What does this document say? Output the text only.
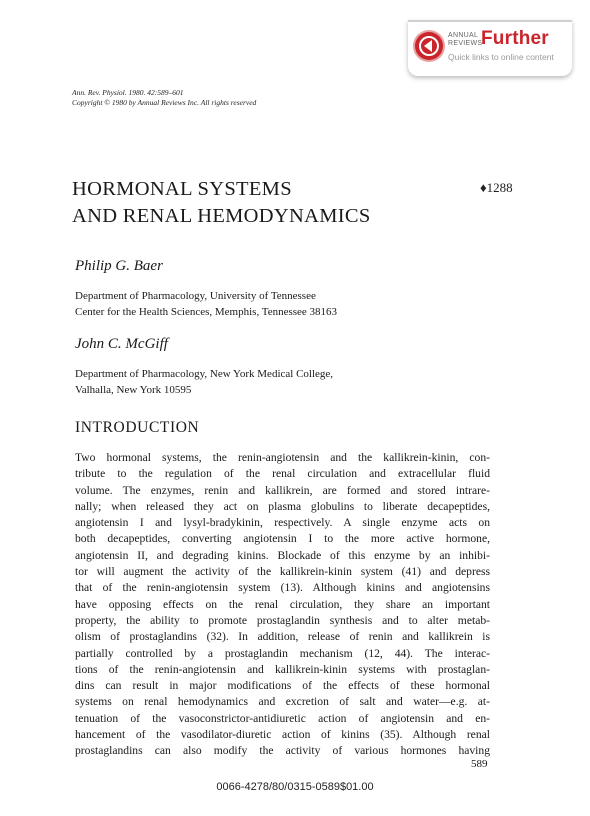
ANNUAL
REVIEWS
Further
Quick links to online content
Ann. Rev. Physiol. 1980. 42:589–601
Copyright © 1980 by Annual Reviews Inc. All rights reserved
HORMONAL SYSTEMS
AND RENAL HEMODYNAMICS
♦1288
Philip G. Baer
Department of Pharmacology, University of Tennessee
Center for the Health Sciences, Memphis, Tennessee 38163
John C. McGiff
Department of Pharmacology, New York Medical College,
Valhalla, New York 10595
INTRODUCTION
Two hormonal systems, the renin-angiotensin and the kallikrein-kinin, con-
tribute to the regulation of the renal circulation and extracellular fluid
volume. The enzymes, renin and kallikrein, are formed and stored intrare-
nally; when released they act on plasma globulins to liberate decapeptides,
angiotensin I and lysyl-bradykinin, respectively. A single enzyme acts on
both decapeptides, converting angiotensin I to the more active hormone,
angiotensin II, and degrading kinins. Blockade of this enzyme by an inhibi-
tor will augment the activity of the kallikrein-kinin system (41) and depress
that of the renin-angiotensin system (13). Although kinins and angiotensins
have opposing effects on the renal circulation, they share an important
property, the ability to promote prostaglandin synthesis and to alter metab-
olism of prostaglandins (32). In addition, release of renin and kallikrein is
partially controlled by a prostaglandin mechanism (12, 44). The interac-
tions of the renin-angiotensin and kallikrein-kinin systems with prostaglan-
dins can result in major modifications of the effects of these hormonal
systems on renal hemodynamics and excretion of salt and water—e.g. at-
tenuation of the vasoconstrictor-antidiuretic action of angiotensin and en-
hancement of the vasodilator-diuretic action of kinins (35). Although renal
prostaglandins can also modify the activity of various hormones having
589
0066-4278/80/0315-0589$01.00
